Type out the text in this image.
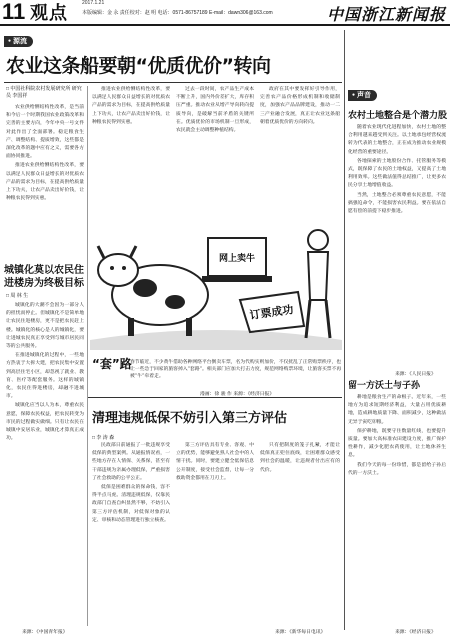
11 观点	2017.1.21
本版编辑：金 永 责任校对：赵 明 电话：0571-86757189 E-mail：dawn306@163.com	中国浙江新闻报
● 源流
农业这条船要朝“优质优价”转向
□ 中国社科院农村发展研究所 研究员 李国祥

农业供给侧结构性改革，是当前和今后一个时期我国农业政策改革和完善的主要方向，今年中央一号文件对此作出了全面部署。稳定粮食生产、调整结构、提质增效，这些都是深化改革的题中应有之义，需要各方面协同推进。

推进农业供给侧结构性改革，要以满足人民群众日益增长的对优质农产品的需求为目标，在提高供给质量上下功夫，让农产品卖出好价钱，让种粮农民得到实惠。

推进农业供给侧结构性改革，要以满足人民群众日益增长的对优质农产品的需求为目标，在提高供给质量上下功夫，让农产品卖出好价钱，让种粮农民得到实惠。

过去一段时间，农产品生产成本不断上升，国内外价差扩大，库存积压严重。推动农业从增产导向转向提质导向，是破解当前矛盾的关键所在。优质优价的市场机制一旦形成，农民就会主动调整种植结构。

政府在其中要发挥好引导作用，完善农产品价格形成机制和收储制度，加强农产品品牌建设，推动一二三产业融合发展，真正让农业这条船朝着优质优价的方向转向。

城镇化莫以农民住进楼房为终极目标
□ 周 林 生

城镇化的大潮不会因为一部分人的担忧而停止。但城镇化不是简单地让农民住进楼房，更不是把农民赶上楼。城镇化的核心是人的城镇化，要让进城农民真正享受到与城市居民同等的公共服务。

在推进城镇化的过程中，一些地方热衷于大拆大建，把农民集中安置到高层住宅小区，却忽视了就业、教育、医疗等配套服务。这样的城镇化，农民住得进楼房，却融不进城市。

城镇化应当以人为本，尊重农民意愿，保障农民权益，把农民转变为市民的过程做实做细。只有让农民在城镇中安居乐业，城镇化才算真正成功。

来源：《中国青年报》
网上卖牛
订票成功
“套”路
春节临近，不少黄牛借助各种网络平台倒卖车票，名为代购实则加价，不仅扰乱了正常购票秩序，也让一些急于回家的旅客掉入“套路”。相关部门应加大打击力度，规范网络购票环境，让旅客买票不再被“牛”牵着走。
漫画：徐 骏 作 来源：《经济日报》
清理违规低保不妨引入第三方评估
□ 李 涛 森

民政部日前通报了一批违规享受低保的典型案例。从通报情况看，一些地方存在人情保、关系保，甚至有干部违规为亲属办理低保，严重损害了社会救助的公平公正。

低保是困难群众的保命钱，容不得半点马虎。清理违规低保，仅靠民政部门自查自纠显然不够，不妨引入第三方评估机制，对低保对象的认定、审核和动态管理进行独立核查。

第三方评估具有专业、客观、中立的优势，能够避免熟人社会中的人情干扰。同时，要建立健全低保信息公开制度，接受社会监督，让每一分救助资金都用在刀刃上。

只有把制度的笼子扎紧，才能让低保真正兜住底线，让困难群众感受到社会的温暖，让违规者付出应有的代价。

来源：《新华每日电讯》
● 声音
农村土地整合是个潜力股

随着农业现代化进程加快，农村土地的整合利用越来越受到关注。以土地承包经营权流转为代表的土地整合，正在成为推动农业规模化经营的重要途径。

各地探索的土地股份合作、托管服务等模式，既保障了农民的土地权益，又提高了土地利用效率。这些做法值得总结推广，让更多农民分享土地增值收益。

当然，土地整合必须尊重农民意愿，不能搞强迫命令，不能损害农民利益。要在依法自愿有偿的前提下稳步推进。

来源：《人民日报》
留一方沃土与子孙

耕地是粮食生产的命根子。近年来，一些地方为追求短期经济利益，大量占用优质耕地，造成耕地质量下降、面积减少，这种做法无异于寅吃卯粮。

保护耕地，既要守住数量红线，也要提升质量。要加大高标准农田建设力度，推广保护性耕作，减少化肥农药使用，让土地休养生息。

我们今天的每一份珍惜，都是留给子孙后代的一方沃土。

来源：《经济日报》
